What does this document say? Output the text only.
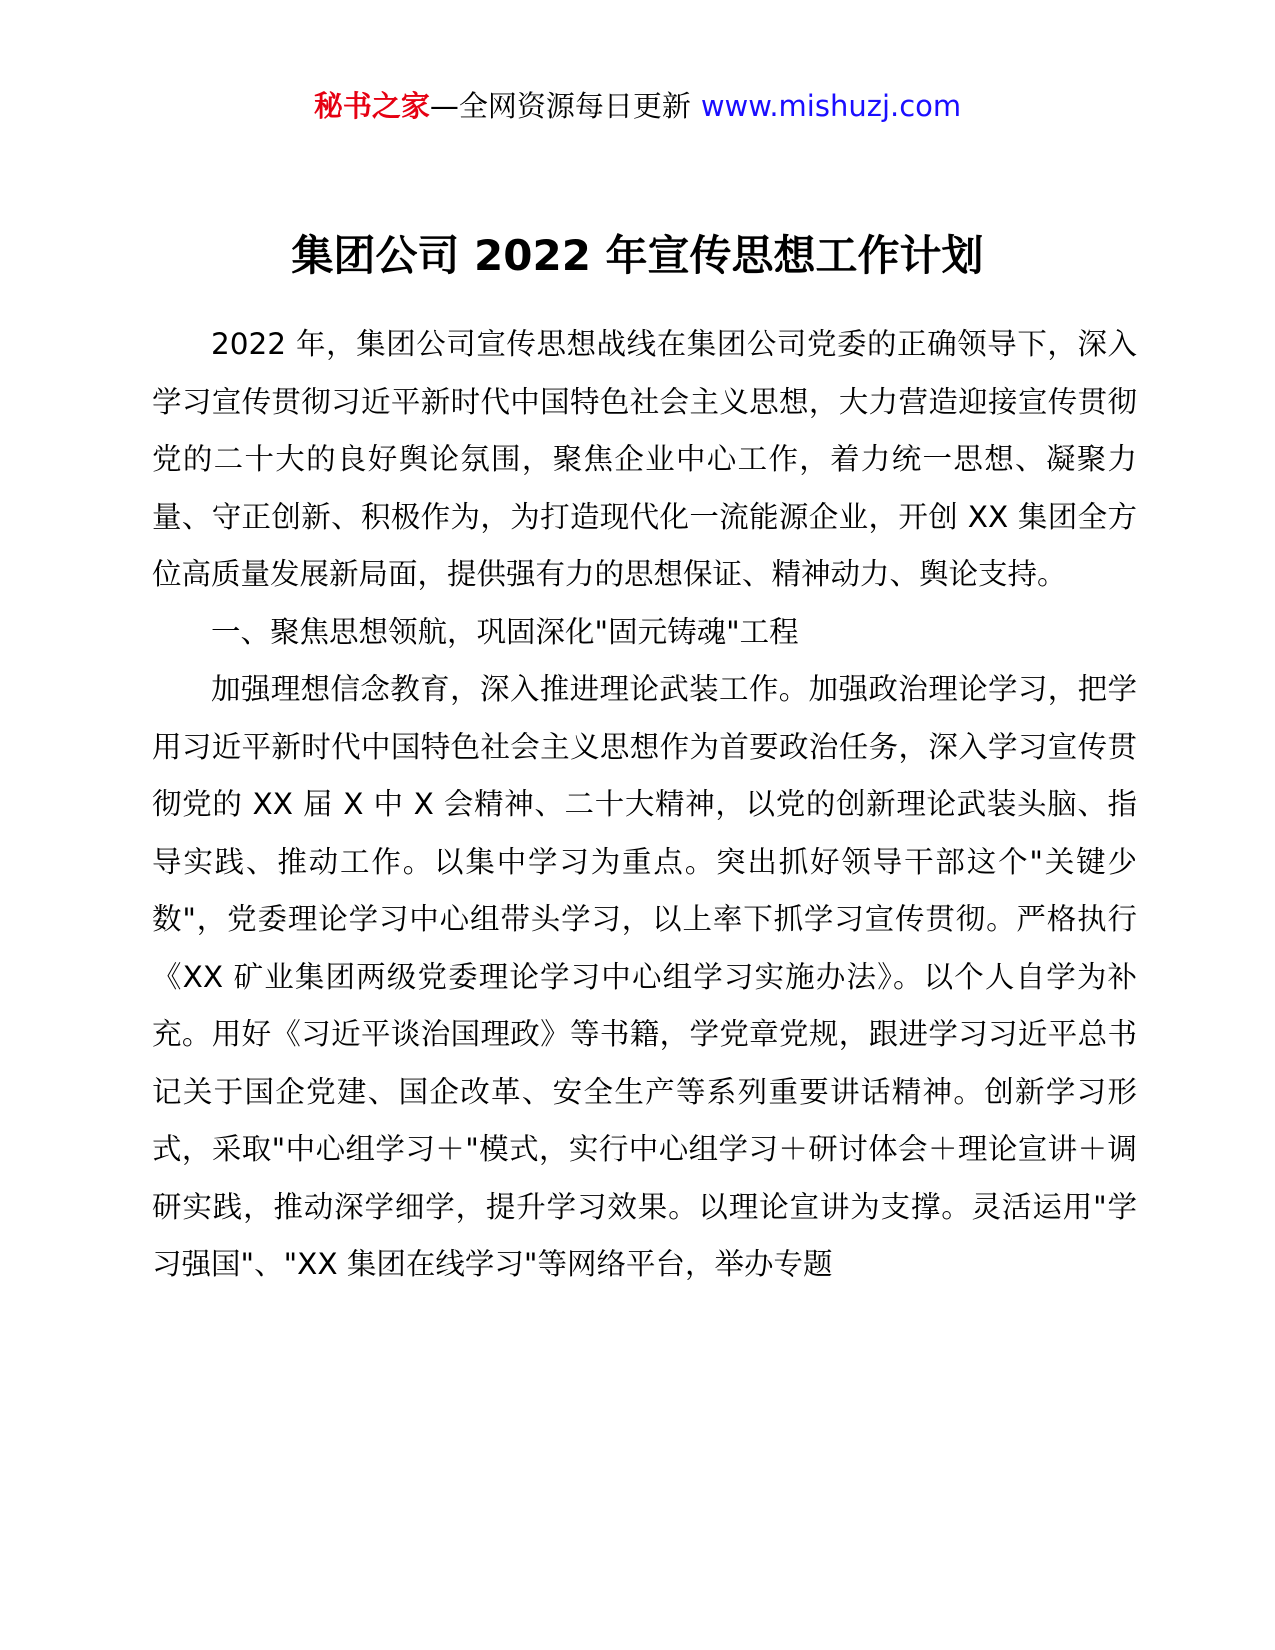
秘书之家—全网资源每日更新 www.mishuzj.com
集团公司 2022 年宣传思想工作计划

2022 年，集团公司宣传思想战线在集团公司党委的正确领导下，深入学习宣传贯彻习近平新时代中国特色社会主义思想，大力营造迎接宣传贯彻党的二十大的良好舆论氛围，聚焦企业中心工作，着力统一思想、凝聚力量、守正创新、积极作为，为打造现代化一流能源企业，开创 XX 集团全方位高质量发展新局面，提供强有力的思想保证、精神动力、舆论支持。

一、聚焦思想领航，巩固深化"固元铸魂"工程

加强理想信念教育，深入推进理论武装工作。加强政治理论学习，把学用习近平新时代中国特色社会主义思想作为首要政治任务，深入学习宣传贯彻党的 XX 届 X 中 X 会精神、二十大精神，以党的创新理论武装头脑、指导实践、推动工作。以集中学习为重点。突出抓好领导干部这个"关键少数"，党委理论学习中心组带头学习，以上率下抓学习宣传贯彻。严格执行《XX 矿业集团两级党委理论学习中心组学习实施办法》。以个人自学为补充。用好《习近平谈治国理政》等书籍，学党章党规，跟进学习习近平总书记关于国企党建、国企改革、安全生产等系列重要讲话精神。创新学习形式，采取"中心组学习＋"模式，实行中心组学习＋研讨体会＋理论宣讲＋调研实践，推动深学细学，提升学习效果。以理论宣讲为支撑。灵活运用"学习强国"、"XX 集团在线学习"等网络平台，举办专题
